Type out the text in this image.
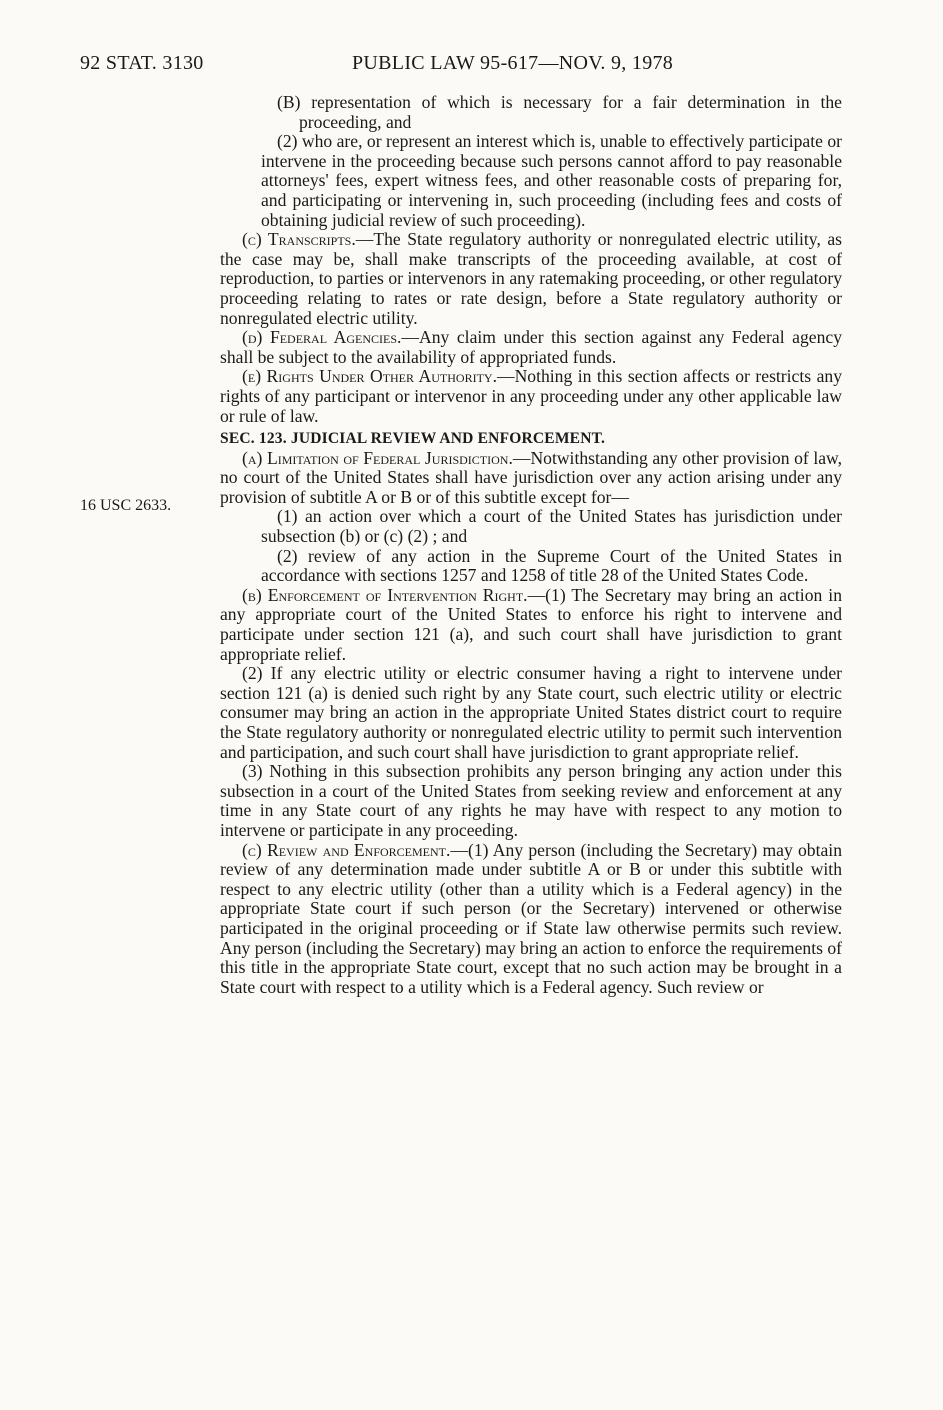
92 STAT. 3130	PUBLIC LAW 95-617—NOV. 9, 1978
16 USC 2633.

(B) representation of which is necessary for a fair determination in the proceeding, and

(2) who are, or represent an interest which is, unable to effectively participate or intervene in the proceeding because such persons cannot afford to pay reasonable attorneys' fees, expert witness fees, and other reasonable costs of preparing for, and participating or intervening in, such proceeding (including fees and costs of obtaining judicial review of such proceeding).

(c) Transcripts.—The State regulatory authority or nonregulated electric utility, as the case may be, shall make transcripts of the proceeding available, at cost of reproduction, to parties or intervenors in any ratemaking proceeding, or other regulatory proceeding relating to rates or rate design, before a State regulatory authority or nonregulated electric utility.

(d) Federal Agencies.—Any claim under this section against any Federal agency shall be subject to the availability of appropriated funds.

(e) Rights Under Other Authority.—Nothing in this section affects or restricts any rights of any participant or intervenor in any proceeding under any other applicable law or rule of law.

SEC. 123. JUDICIAL REVIEW AND ENFORCEMENT.

(a) Limitation of Federal Jurisdiction.—Notwithstanding any other provision of law, no court of the United States shall have jurisdiction over any action arising under any provision of subtitle A or B or of this subtitle except for—

(1) an action over which a court of the United States has jurisdiction under subsection (b) or (c) (2) ; and

(2) review of any action in the Supreme Court of the United States in accordance with sections 1257 and 1258 of title 28 of the United States Code.

(b) Enforcement of Intervention Right.—(1) The Secretary may bring an action in any appropriate court of the United States to enforce his right to intervene and participate under section 121 (a), and such court shall have jurisdiction to grant appropriate relief.

(2) If any electric utility or electric consumer having a right to intervene under section 121 (a) is denied such right by any State court, such electric utility or electric consumer may bring an action in the appropriate United States district court to require the State regulatory authority or nonregulated electric utility to permit such intervention and participation, and such court shall have jurisdiction to grant appropriate relief.

(3) Nothing in this subsection prohibits any person bringing any action under this subsection in a court of the United States from seeking review and enforcement at any time in any State court of any rights he may have with respect to any motion to intervene or participate in any proceeding.

(c) Review and Enforcement.—(1) Any person (including the Secretary) may obtain review of any determination made under subtitle A or B or under this subtitle with respect to any electric utility (other than a utility which is a Federal agency) in the appropriate State court if such person (or the Secretary) intervened or otherwise participated in the original proceeding or if State law otherwise permits such review. Any person (including the Secretary) may bring an action to enforce the requirements of this title in the appropriate State court, except that no such action may be brought in a State court with respect to a utility which is a Federal agency. Such review or
